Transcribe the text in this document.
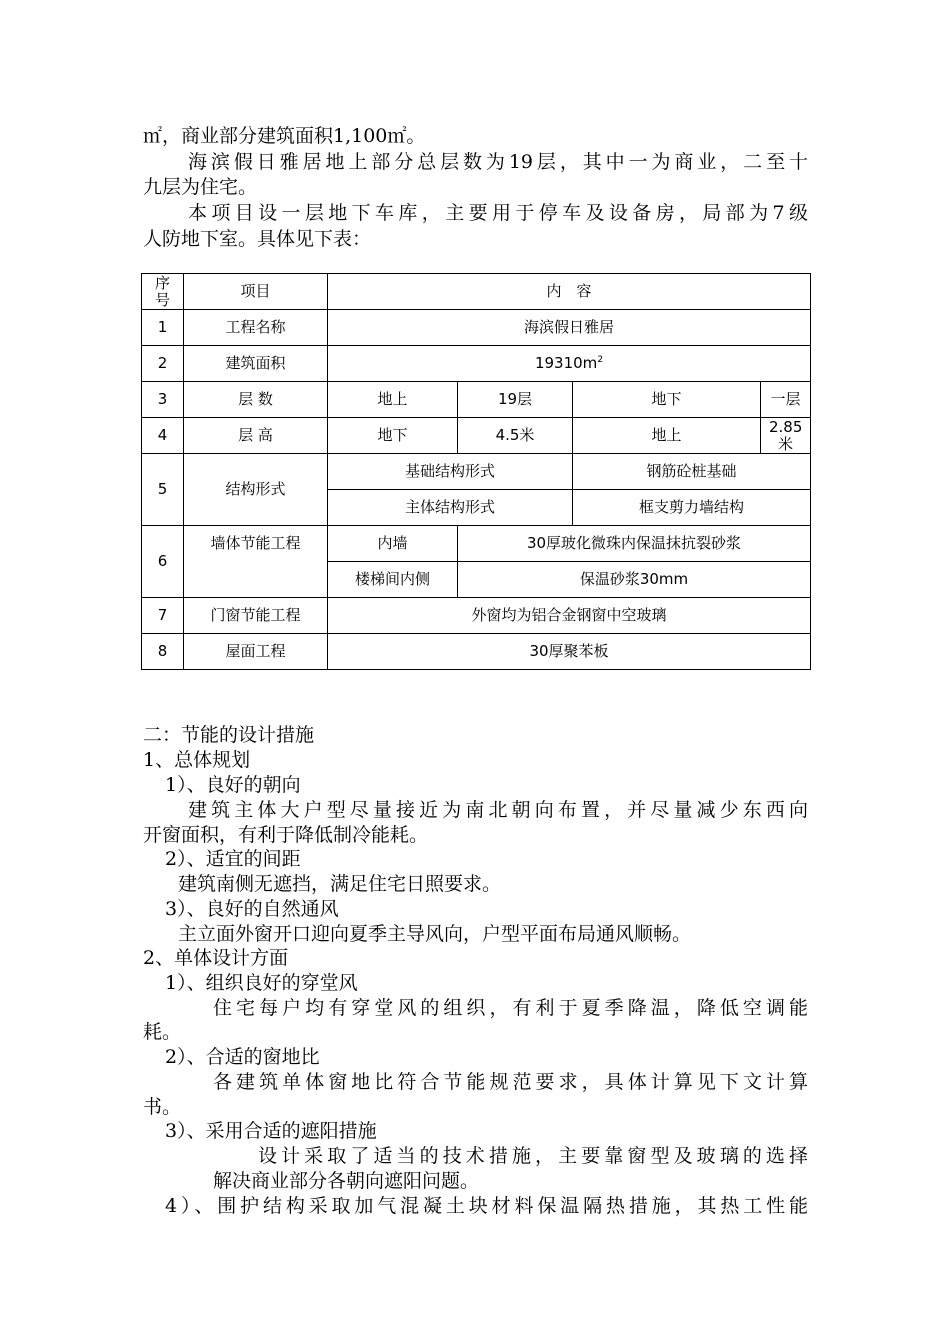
㎡，商业部分建筑面积1,100㎡。
海滨假日雅居地上部分总层数为19层，其中一为商业，二至十
九层为住宅。
本项目设一层地下车库，主要用于停车及设备房，局部为7级
人防地下室。具体见下表：
序号	项目	内　容			
1	工程名称	海滨假日雅居			
2	建筑面积	$19310m^2$
3	层 数	地上	19层	地下	一层
4	层 高	地下	4.5米	地上	2.85米
5	结构形式	基础结构形式		钢筋砼桩基础	
		主体结构形式		框支剪力墙结构	
6	墙体节能工程	内墙	30厚玻化微珠内保温抹抗裂砂浆		
		楼梯间内侧	保温砂浆30mm		
7	门窗节能工程	外窗均为铝合金钢窗中空玻璃			
8	屋面工程	30厚聚苯板			
二：节能的设计措施
1、总体规划
1）、良好的朝向
建筑主体大户型尽量接近为南北朝向布置，并尽量减少东西向
开窗面积，有利于降低制冷能耗。
2）、适宜的间距
建筑南侧无遮挡，满足住宅日照要求。
3）、良好的自然通风
主立面外窗开口迎向夏季主导风向，户型平面布局通风顺畅。
2、单体设计方面
1）、组织良好的穿堂风
住宅每户均有穿堂风的组织，有利于夏季降温，降低空调能
耗。
2）、合适的窗地比
各建筑单体窗地比符合节能规范要求，具体计算见下文计算
书。
3）、采用合适的遮阳措施
设计采取了适当的技术措施，主要靠窗型及玻璃的选择
解决商业部分各朝向遮阳问题。
4）、围护结构采取加气混凝土块材料保温隔热措施，其热工性能
